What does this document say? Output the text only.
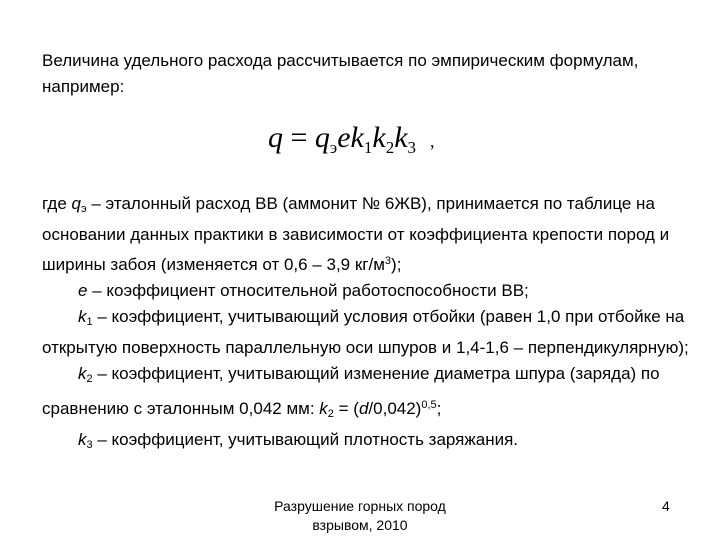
Величина удельного расхода рассчитывается по эмпирическим формулам, например:

$q = q_эek_1k_2k_3$ ,
где $q_э$ – эталонный расход ВВ (аммонит № 6ЖВ), принимается по таблице на основании данных практики в зависимости от коэффициента крепости пород и ширины забоя (изменяется от 0,6 – 3,9 $кг/м^3$);
e – коэффициент относительной работоспособности ВВ;
$k_1$ – коэффициент, учитывающий условия отбойки (равен 1,0 при отбойке на открытую поверхность параллельную оси шпуров и 1,4-1,6 – перпендикулярную);
$k_2$ – коэффициент, учитывающий изменение диаметра шпура (заряда) по сравнению с эталонным 0,042 мм: $k_2 = (d/0,042)^{0,5}$;
$k_3$ – коэффициент, учитывающий плотность заряжания.
Разрушение горных пород взрывом, 2010
4
